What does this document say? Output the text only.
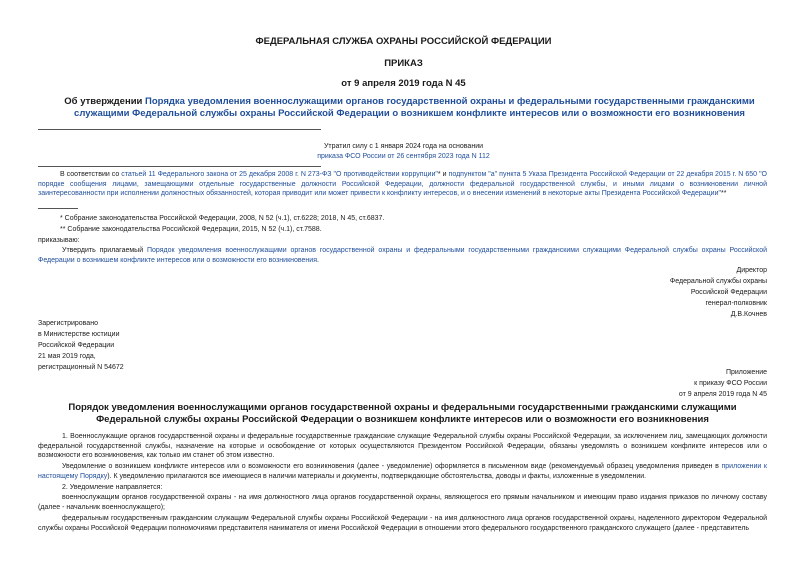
ФЕДЕРАЛЬНАЯ СЛУЖБА ОХРАНЫ РОССИЙСКОЙ ФЕДЕРАЦИИ
ПРИКАЗ
от 9 апреля 2019 года N 45
Об утверждении Порядка уведомления военнослужащими органов государственной охраны и федеральными государственными гражданскими служащими Федеральной службы охраны Российской Федерации о возникшем конфликте интересов или о возможности его возникновения
Утратил силу с 1 января 2024 года на основании
приказа ФСО России от 26 сентября 2023 года N 112
В соответствии со статьей 11 Федерального закона от 25 декабря 2008 г. N 273-ФЗ "О противодействии коррупции"* и подпунктом "а" пункта 5 Указа Президента Российской Федерации от 22 декабря 2015 г. N 650 "О порядке сообщения лицами, замещающими отдельные государственные должности Российской Федерации, должности федеральной государственной службы, и иными лицами о возникновении личной заинтересованности при исполнении должностных обязанностей, которая приводит или может привести к конфликту интересов, и о внесении изменений в некоторые акты Президента Российской Федерации"**
* Собрание законодательства Российской Федерации, 2008, N 52 (ч.1), ст.6228; 2018, N 45, ст.6837.
** Собрание законодательства Российской Федерации, 2015, N 52 (ч.1), ст.7588.
приказываю:
Утвердить прилагаемый Порядок уведомления военнослужащими органов государственной охраны и федеральными государственными гражданскими служащими Федеральной службы охраны Российской Федерации о возникшем конфликте интересов или о возможности его возникновения.
Директор
Федеральной службы охраны
Российской Федерации
генерал-полковник
Д.В.Кочнев
Зарегистрировано
в Министерстве юстиции
Российской Федерации
21 мая 2019 года,
регистрационный N 54672
Приложение
к приказу ФСО России
от 9 апреля 2019 года N 45
Порядок уведомления военнослужащими органов государственной охраны и федеральными государственными гражданскими служащими Федеральной службы охраны Российской Федерации о возникшем конфликте интересов или о возможности его возникновения
1. Военнослужащие органов государственной охраны и федеральные государственные гражданские служащие Федеральной службы охраны Российской Федерации, за исключением лиц, замещающих должности федеральной государственной службы, назначение на которые и освобождение от которых осуществляются Президентом Российской Федерации, обязаны уведомлять о возникшем конфликте интересов или о возможности его возникновения, как только им станет об этом известно.
Уведомление о возникшем конфликте интересов или о возможности его возникновения (далее - уведомление) оформляется в письменном виде (рекомендуемый образец уведомления приведен в приложении к настоящему Порядку). К уведомлению прилагаются все имеющиеся в наличии материалы и документы, подтверждающие обстоятельства, доводы и факты, изложенные в уведомлении.
2. Уведомление направляется:
военнослужащим органов государственной охраны - на имя должностного лица органов государственной охраны, являющегося его прямым начальником и имеющим право издания приказов по личному составу (далее - начальник военнослужащего);
федеральным государственным гражданским служащим Федеральной службы охраны Российской Федерации - на имя должностного лица органов государственной охраны, наделенного директором Федеральной службы охраны Российской Федерации полномочиями представителя нанимателя от имени Российской Федерации в отношении этого федерального государственного гражданского служащего (далее - представитель
